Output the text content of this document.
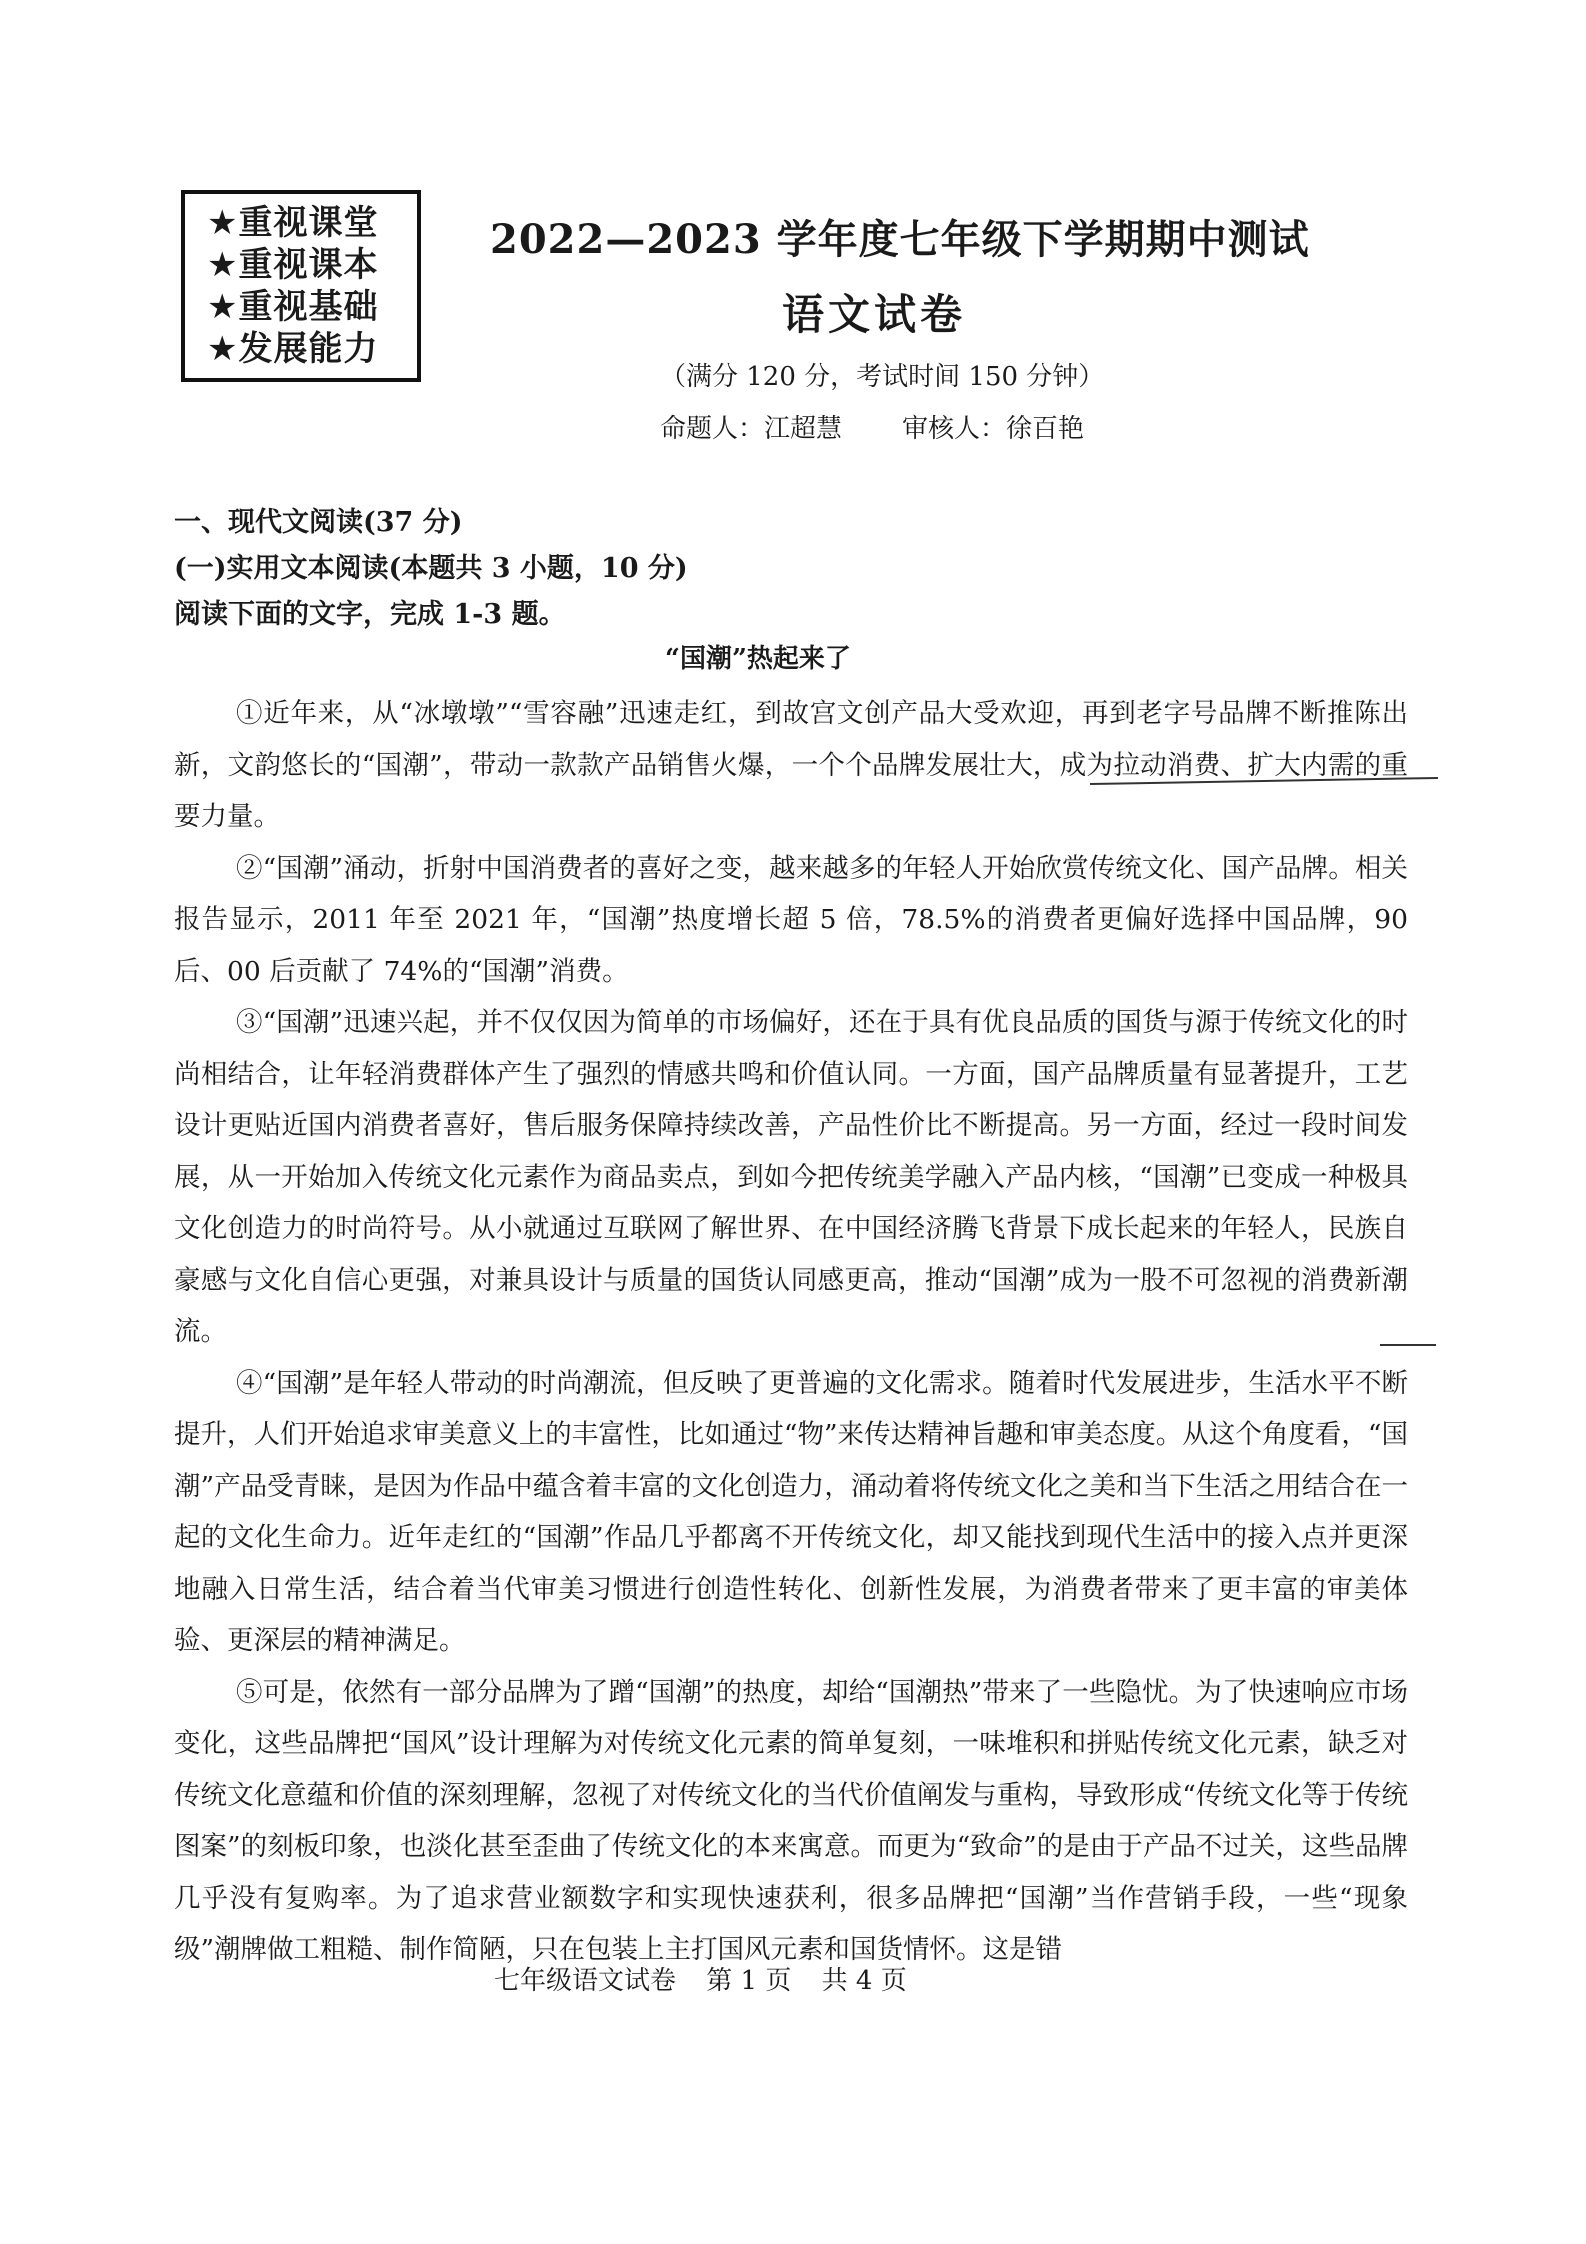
★重视课堂
★重视课本
★重视基础
★发展能力
2022—2023 学年度七年级下学期期中测试
语文试卷
（满分 120 分，考试时间 150 分钟）
命题人：江超慧 审核人：徐百艳
一、现代文阅读(37 分)
(一)实用文本阅读(本题共 3 小题，10 分)
阅读下面的文字，完成 1-3 题。
“国潮”热起来了

①近年来，从“冰墩墩”“雪容融”迅速走红，到故宫文创产品大受欢迎，再到老字号品牌不断推陈出新，文韵悠长的“国潮”，带动一款款产品销售火爆，一个个品牌发展壮大，成为拉动消费、扩大内需的重要力量。

②“国潮”涌动，折射中国消费者的喜好之变，越来越多的年轻人开始欣赏传统文化、国产品牌。相关报告显示，2011 年至 2021 年，“国潮”热度增长超 5 倍，78.5%的消费者更偏好选择中国品牌，90 后、00 后贡献了 74%的“国潮”消费。

③“国潮”迅速兴起，并不仅仅因为简单的市场偏好，还在于具有优良品质的国货与源于传统文化的时尚相结合，让年轻消费群体产生了强烈的情感共鸣和价值认同。一方面，国产品牌质量有显著提升，工艺设计更贴近国内消费者喜好，售后服务保障持续改善，产品性价比不断提高。另一方面，经过一段时间发展，从一开始加入传统文化元素作为商品卖点，到如今把传统美学融入产品内核，“国潮”已变成一种极具文化创造力的时尚符号。从小就通过互联网了解世界、在中国经济腾飞背景下成长起来的年轻人，民族自豪感与文化自信心更强，对兼具设计与质量的国货认同感更高，推动“国潮”成为一股不可忽视的消费新潮流。

④“国潮”是年轻人带动的时尚潮流，但反映了更普遍的文化需求。随着时代发展进步，生活水平不断提升，人们开始追求审美意义上的丰富性，比如通过“物”来传达精神旨趣和审美态度。从这个角度看，“国潮”产品受青睐，是因为作品中蕴含着丰富的文化创造力，涌动着将传统文化之美和当下生活之用结合在一起的文化生命力。近年走红的“国潮”作品几乎都离不开传统文化，却又能找到现代生活中的接入点并更深地融入日常生活，结合着当代审美习惯进行创造性转化、创新性发展，为消费者带来了更丰富的审美体验、更深层的精神满足。

⑤可是，依然有一部分品牌为了蹭“国潮”的热度，却给“国潮热”带来了一些隐忧。为了快速响应市场变化，这些品牌把“国风”设计理解为对传统文化元素的简单复刻，一味堆积和拼贴传统文化元素，缺乏对传统文化意蕴和价值的深刻理解，忽视了对传统文化的当代价值阐发与重构，导致形成“传统文化等于传统图案”的刻板印象，也淡化甚至歪曲了传统文化的本来寓意。而更为“致命”的是由于产品不过关，这些品牌几乎没有复购率。为了追求营业额数字和实现快速获利，很多品牌把“国潮”当作营销手段，一些“现象级”潮牌做工粗糙、制作简陋，只在包装上主打国风元素和国货情怀。这是错

七年级语文试卷 第 1 页 共 4 页
